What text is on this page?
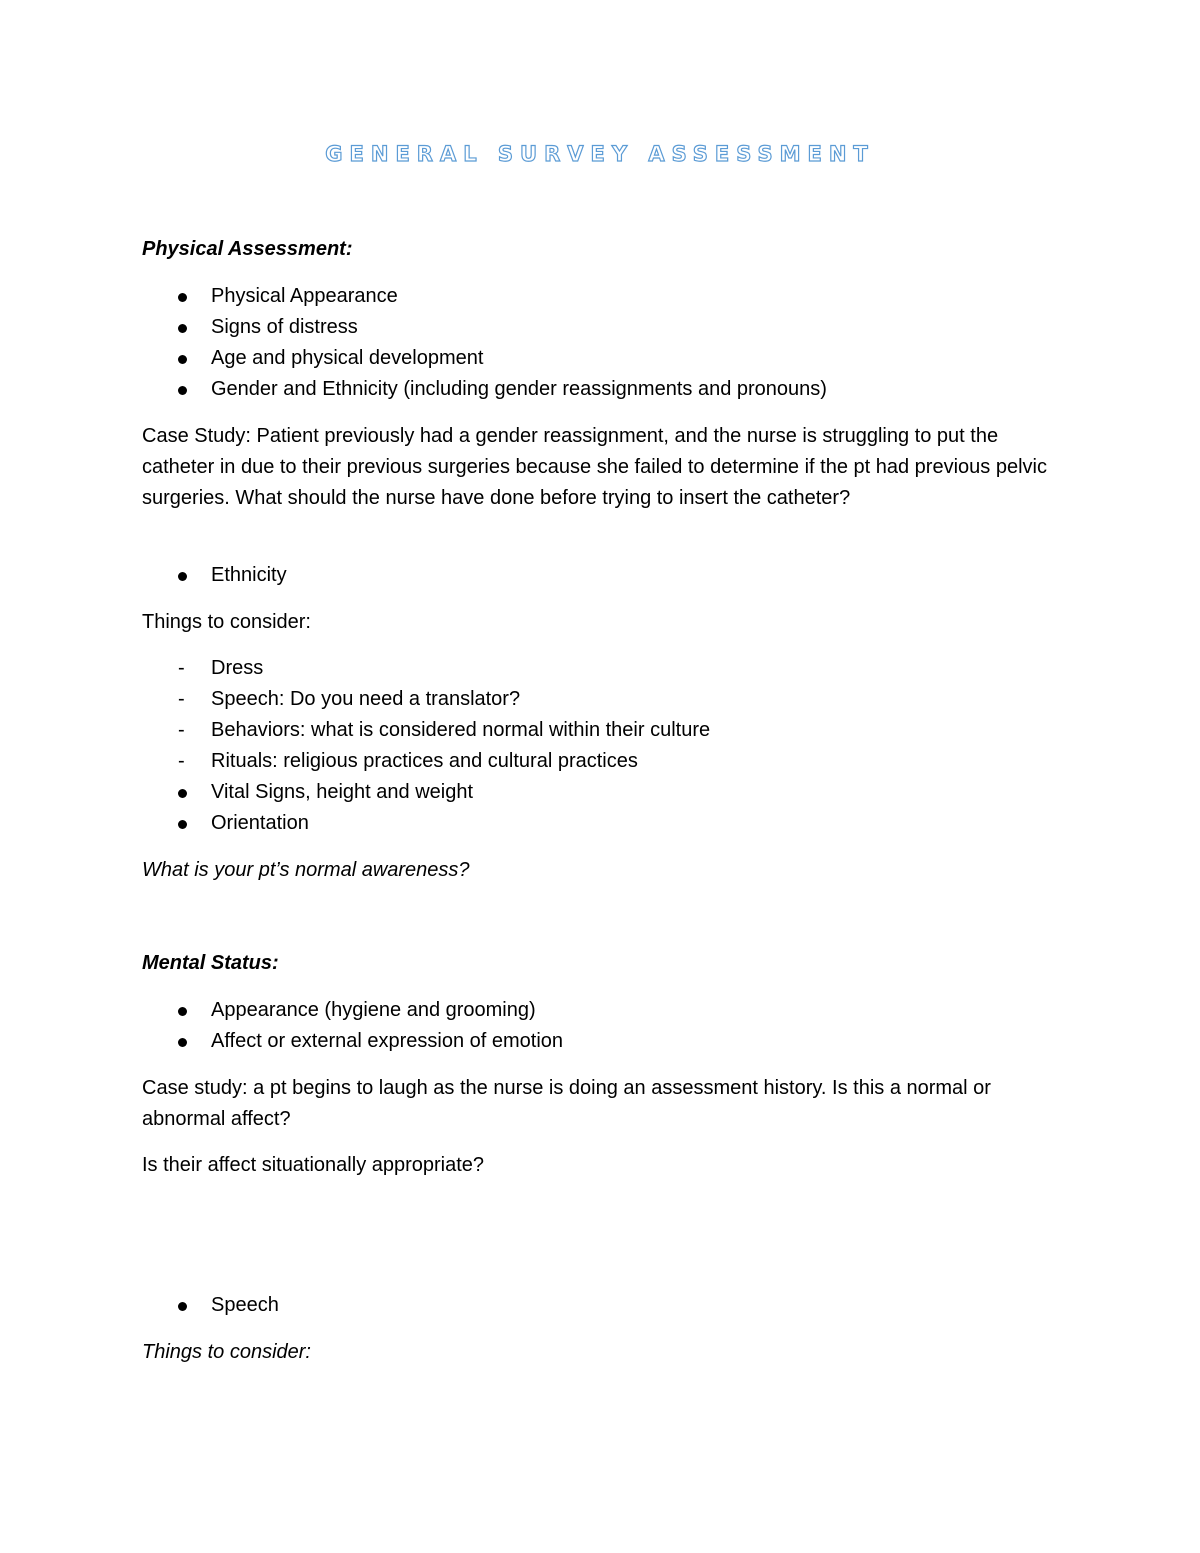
GENERAL SURVEY ASSESSMENT
Physical Assessment:
Physical Appearance
Signs of distress
Age and physical development
Gender and Ethnicity (including gender reassignments and pronouns)
Case Study: Patient previously had a gender reassignment, and the nurse is struggling to put the catheter in due to their previous surgeries because she failed to determine if the pt had previous pelvic surgeries. What should the nurse have done before trying to insert the catheter?
Ethnicity
Things to consider:
- Dress
- Speech: Do you need a translator?
- Behaviors: what is considered normal within their culture
- Rituals: religious practices and cultural practices
Vital Signs, height and weight
Orientation
What is your pt’s normal awareness?
Mental Status:
Appearance (hygiene and grooming)
Affect or external expression of emotion
Case study: a pt begins to laugh as the nurse is doing an assessment history. Is this a normal or abnormal affect?
Is their affect situationally appropriate?
Speech
Things to consider:
